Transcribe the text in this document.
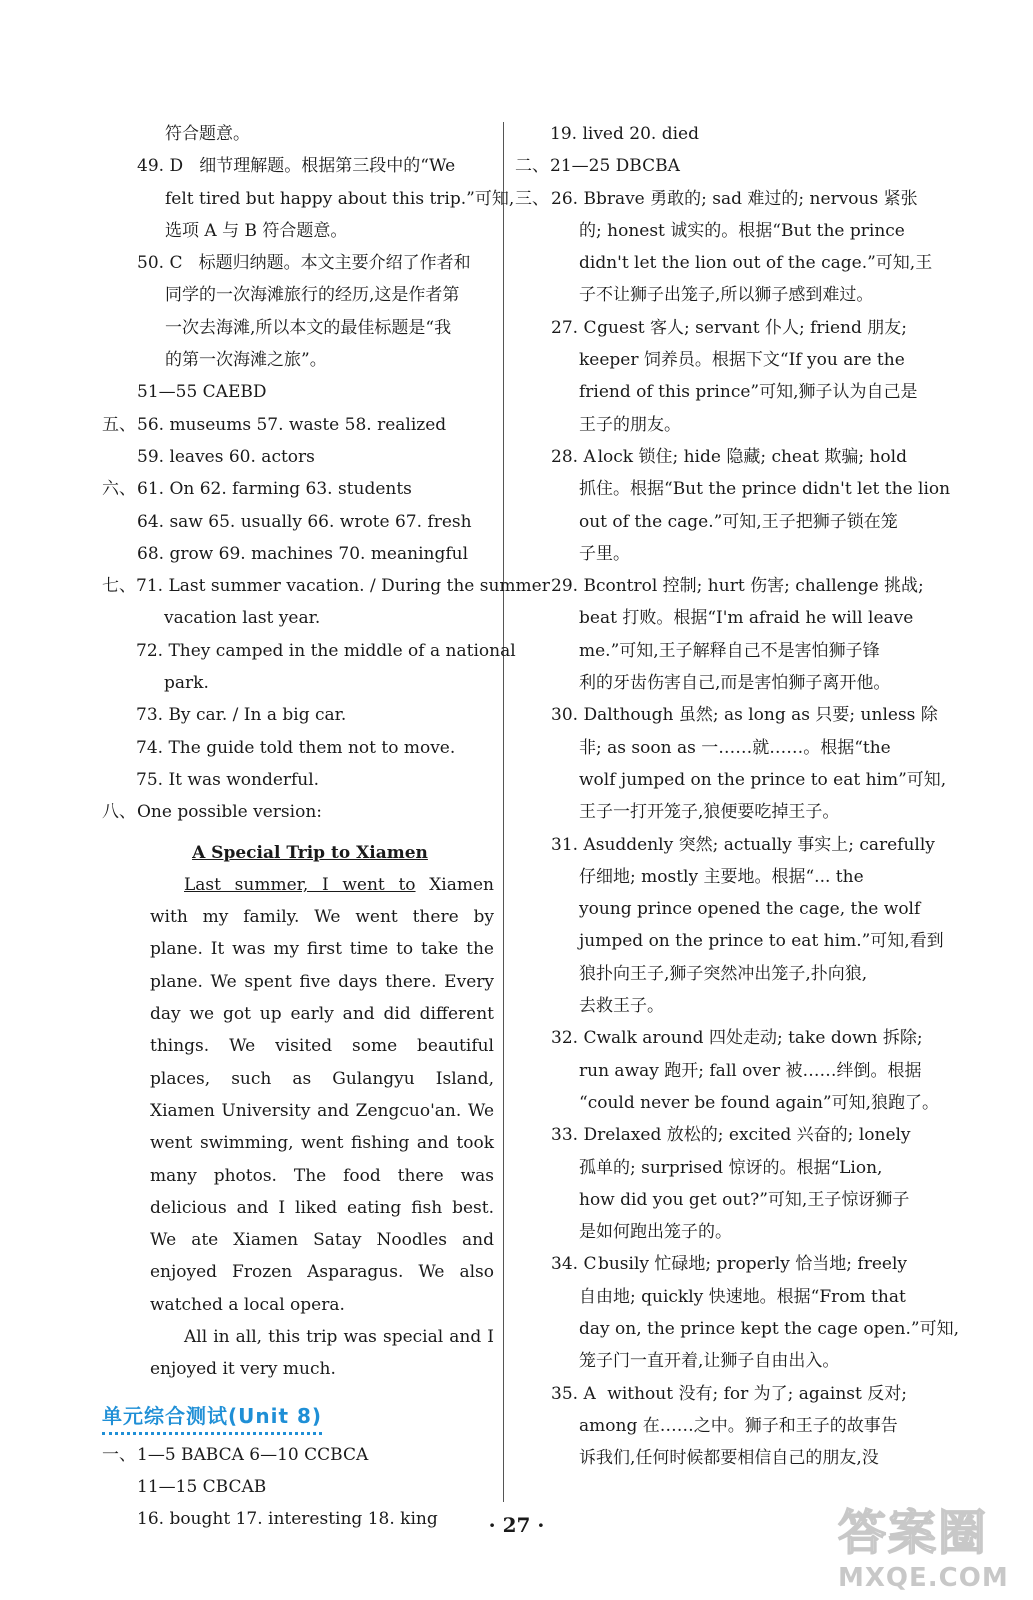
符合题意。
49. D 细节理解题。根据第三段中的“We
felt tired but happy about this trip.”可知,
选项 A 与 B 符合题意。
50. C 标题归纳题。本文主要介绍了作者和
同学的一次海滩旅行的经历,这是作者第
一次去海滩,所以本文的最佳标题是“我
的第一次海滩之旅”。
51—55 CAEBD
五、 56. museums 57. waste 58. realized
59. leaves 60. actors
六、 61. On 62. farming 63. students
64. saw 65. usually 66. wrote 67. fresh
68. grow 69. machines 70. meaningful
七、 71. Last summer vacation. / During the summer
vacation last year.
72. They camped in the middle of a national
park.
73. By car. / In a big car.
74. The guide told them not to move.
75. It was wonderful.
八、 One possible version:
A Special Trip to Xiamen

Last summer, I went to Xiamen with my family. We went there by plane. It was my first time to take the plane. We spent five days there. Every day we got up early and did different things. We visited some beautiful places, such as Gulangyu Island, Xiamen University and Zengcuo'an. We went swimming, went fishing and took many photos. The food there was delicious and I liked eating fish best. We ate Xiamen Satay Noodles and enjoyed Frozen Asparagus. We also watched a local opera.

All in all, this trip was special and I enjoyed it very much.

单元综合测试(Unit 8)
一、 1—5 BABCA 6—10 CCBCA
11—15 CBCAB
16. bought 17. interesting 18. king
19. lived 20. died
二、 21—25 DBCBA
三、 26. B brave 勇敢的; sad 难过的; nervous 紧张
的; honest 诚实的。根据“But the prince
didn't let the lion out of the cage.”可知,王
子不让狮子出笼子,所以狮子感到难过。
27. C guest 客人; servant 仆人; friend 朋友;
keeper 饲养员。根据下文“If you are the
friend of this prince”可知,狮子认为自己是
王子的朋友。
28. A lock 锁住; hide 隐藏; cheat 欺骗; hold
抓住。根据“But the prince didn't let the lion
out of the cage.”可知,王子把狮子锁在笼
子里。
29. B control 控制; hurt 伤害; challenge 挑战;
beat 打败。根据“I'm afraid he will leave
me.”可知,王子解释自己不是害怕狮子锋
利的牙齿伤害自己,而是害怕狮子离开他。
30. D although 虽然; as long as 只要; unless 除
非; as soon as 一……就……。根据“the
wolf jumped on the prince to eat him”可知,
王子一打开笼子,狼便要吃掉王子。
31. A suddenly 突然; actually 事实上; carefully
仔细地; mostly 主要地。根据“... the
young prince opened the cage, the wolf
jumped on the prince to eat him.”可知,看到
狼扑向王子,狮子突然冲出笼子,扑向狼,
去救王子。
32. C walk around 四处走动; take down 拆除;
run away 跑开; fall over 被……绊倒。根据
“could never be found again”可知,狼跑了。
33. D relaxed 放松的; excited 兴奋的; lonely
孤单的; surprised 惊讶的。根据“Lion,
how did you get out?”可知,王子惊讶狮子
是如何跑出笼子的。
34. C busily 忙碌地; properly 恰当地; freely
自由地; quickly 快速地。根据“From that
day on, the prince kept the cage open.”可知,
笼子门一直开着,让狮子自由出入。
35. A without 没有; for 为了; against 反对;
among 在……之中。狮子和王子的故事告
诉我们,任何时候都要相信自己的朋友,没
· 27 ·	答案圈
MXQE.COM
